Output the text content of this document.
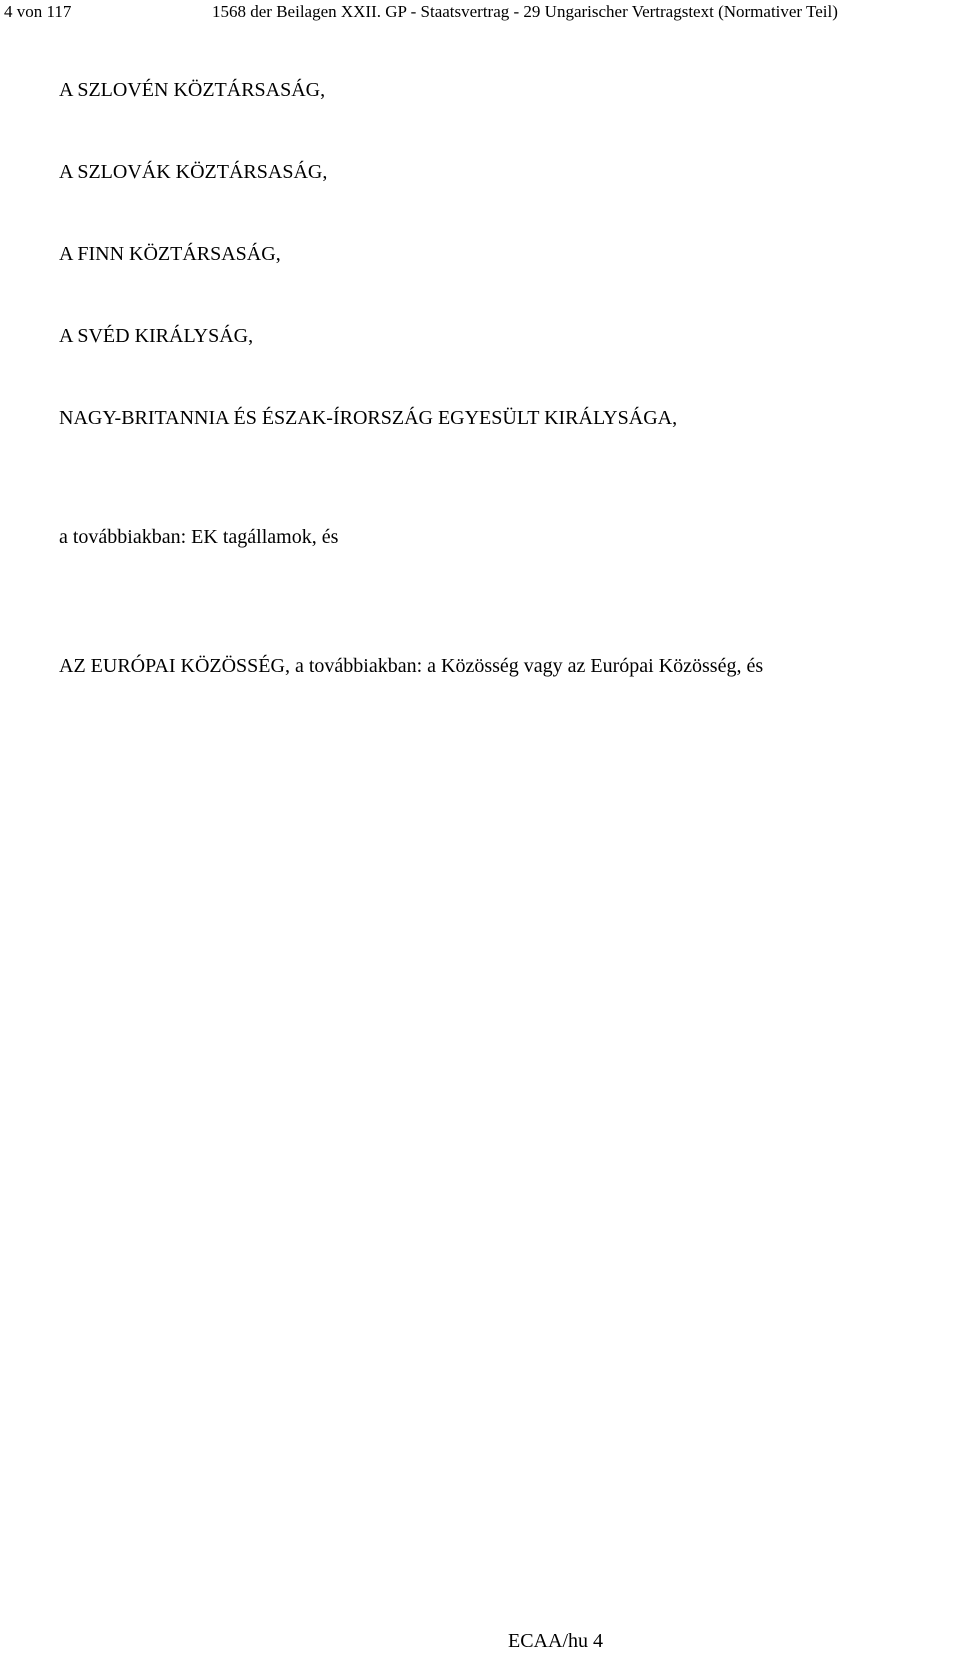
4 von 117	1568 der Beilagen XXII. GP - Staatsvertrag - 29 Ungarischer Vertragstext (Normativer Teil)
A SZLOVÉN KÖZTÁRSASÁG,
A SZLOVÁK KÖZTÁRSASÁG,
A FINN KÖZTÁRSASÁG,
A SVÉD KIRÁLYSÁG,
NAGY-BRITANNIA ÉS ÉSZAK-ÍRORSZÁG EGYESÜLT KIRÁLYSÁGA,
a továbbiakban: EK tagállamok, és
AZ EURÓPAI KÖZÖSSÉG, a továbbiakban: a Közösség vagy az Európai Közösség, és
ECAA/hu 4
